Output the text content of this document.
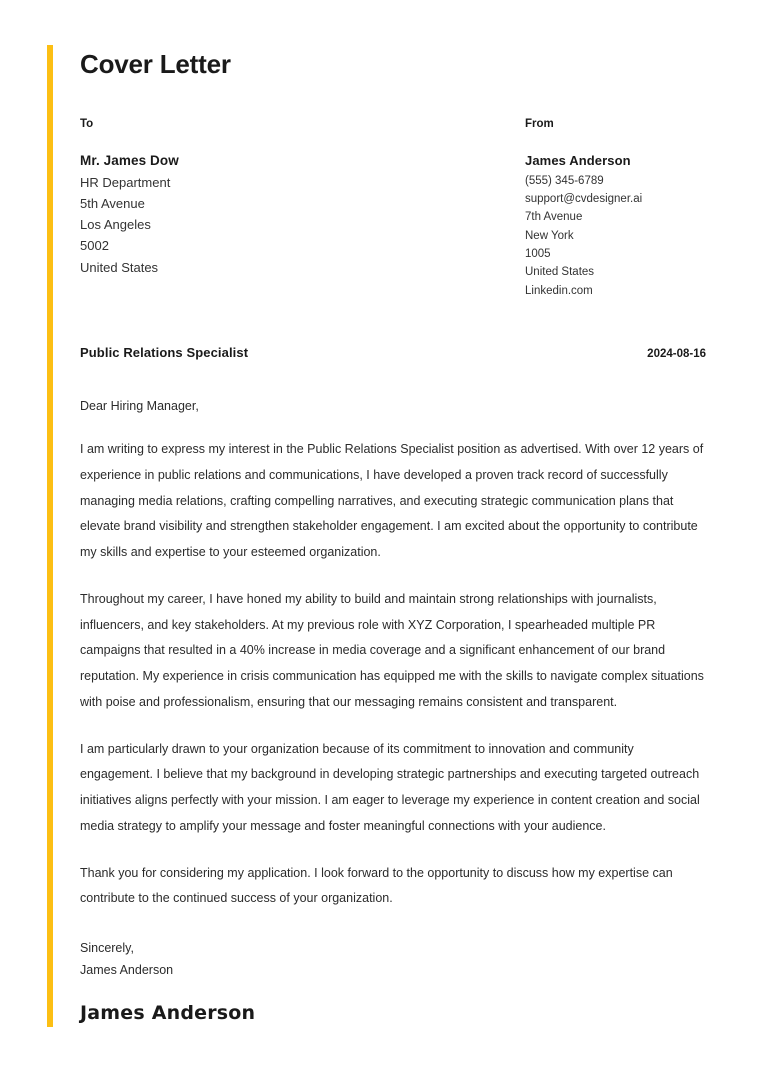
Cover Letter

To

Mr. James Dow

HR Department

5th Avenue

Los Angeles

5002

United States

From

James Anderson

(555) 345-6789

support@cvdesigner.ai

7th Avenue

New York

1005

United States

Linkedin.com

Public Relations Specialist	2024-08-16

Dear Hiring Manager,

I am writing to express my interest in the Public Relations Specialist position as advertised. With over 12 years of experience in public relations and communications, I have developed a proven track record of successfully managing media relations, crafting compelling narratives, and executing strategic communication plans that elevate brand visibility and strengthen stakeholder engagement. I am excited about the opportunity to contribute my skills and expertise to your esteemed organization.

Throughout my career, I have honed my ability to build and maintain strong relationships with journalists, influencers, and key stakeholders. At my previous role with XYZ Corporation, I spearheaded multiple PR campaigns that resulted in a 40% increase in media coverage and a significant enhancement of our brand reputation. My experience in crisis communication has equipped me with the skills to navigate complex situations with poise and professionalism, ensuring that our messaging remains consistent and transparent.

I am particularly drawn to your organization because of its commitment to innovation and community engagement. I believe that my background in developing strategic partnerships and executing targeted outreach initiatives aligns perfectly with your mission. I am eager to leverage my experience in content creation and social media strategy to amplify your message and foster meaningful connections with your audience.

Thank you for considering my application. I look forward to the opportunity to discuss how my expertise can contribute to the continued success of your organization.

Sincerely,

James Anderson

James Anderson
